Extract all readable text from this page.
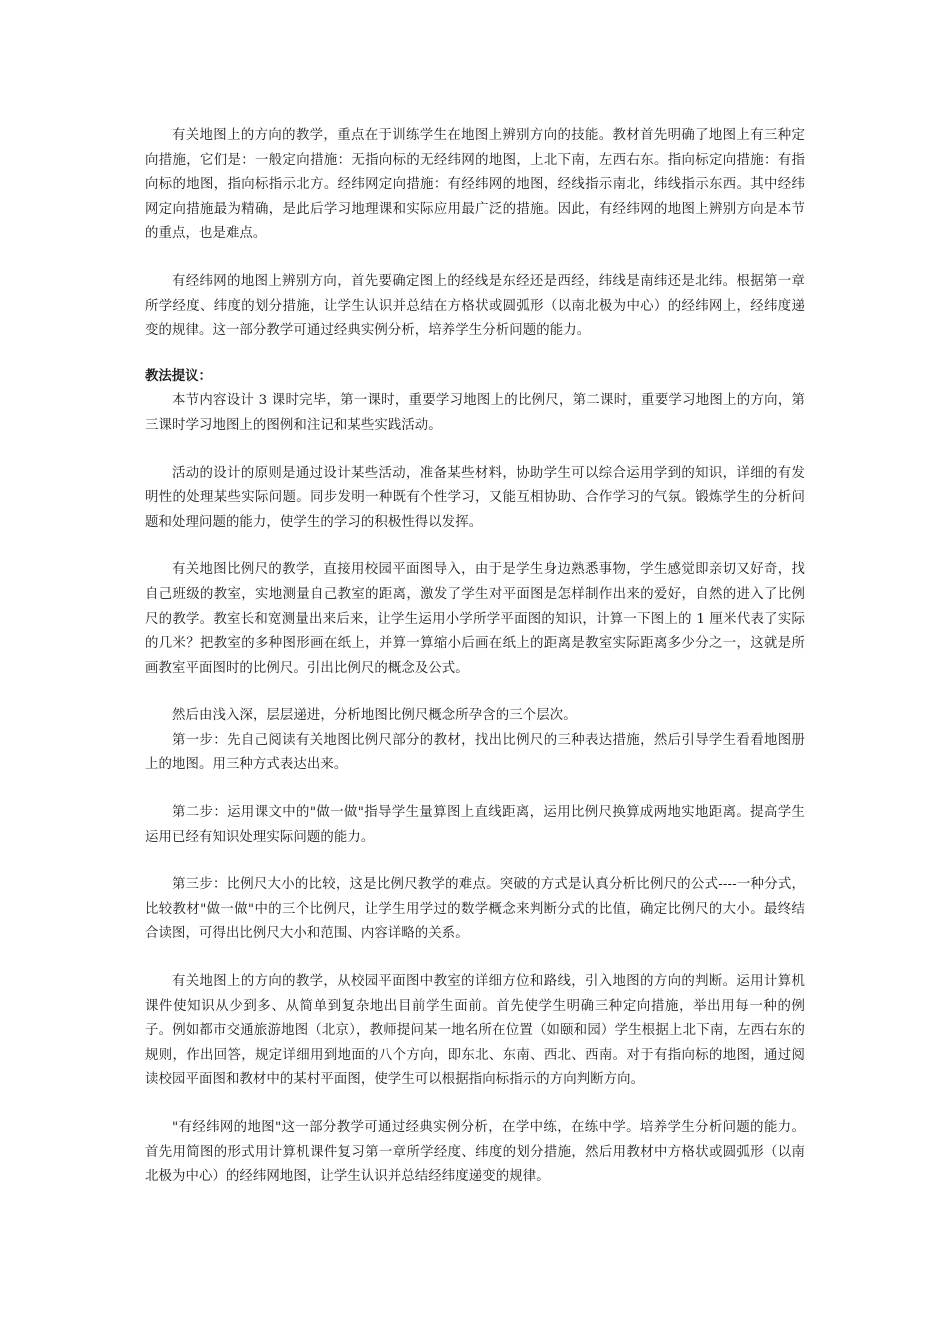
有关地图上的方向的教学，重点在于训练学生在地图上辨别方向的技能。教材首先明确了地图上有三种定向措施，它们是：一般定向措施：无指向标的无经纬网的地图，上北下南，左西右东。指向标定向措施：有指向标的地图，指向标指示北方。经纬网定向措施：有经纬网的地图，经线指示南北，纬线指示东西。其中经纬网定向措施最为精确，是此后学习地理课和实际应用最广泛的措施。因此，有经纬网的地图上辨别方向是本节的重点，也是难点。

有经纬网的地图上辨别方向，首先要确定图上的经线是东经还是西经，纬线是南纬还是北纬。根据第一章所学经度、纬度的划分措施，让学生认识并总结在方格状或圆弧形（以南北极为中心）的经纬网上，经纬度递变的规律。这一部分教学可通过经典实例分析，培养学生分析问题的能力。

教法提议：

本节内容设计 3 课时完毕，第一课时，重要学习地图上的比例尺，第二课时，重要学习地图上的方向，第三课时学习地图上的图例和注记和某些实践活动。

活动的设计的原则是通过设计某些活动，准备某些材料，协助学生可以综合运用学到的知识，详细的有发明性的处理某些实际问题。同步发明一种既有个性学习，又能互相协助、合作学习的气氛。锻炼学生的分析问题和处理问题的能力，使学生的学习的积极性得以发挥。

有关地图比例尺的教学，直接用校园平面图导入，由于是学生身边熟悉事物，学生感觉即亲切又好奇，找自己班级的教室，实地测量自己教室的距离，激发了学生对平面图是怎样制作出来的爱好，自然的进入了比例尺的教学。教室长和宽测量出来后来，让学生运用小学所学平面图的知识，计算一下图上的 1 厘米代表了实际的几米？把教室的多种图形画在纸上，并算一算缩小后画在纸上的距离是教室实际距离多少分之一，这就是所画教室平面图时的比例尺。引出比例尺的概念及公式。

然后由浅入深，层层递进，分析地图比例尺概念所孕含的三个层次。

第一步：先自己阅读有关地图比例尺部分的教材，找出比例尺的三种表达措施，然后引导学生看看地图册上的地图。用三种方式表达出来。

第二步：运用课文中的"做一做"指导学生量算图上直线距离，运用比例尺换算成两地实地距离。提高学生运用已经有知识处理实际问题的能力。

第三步：比例尺大小的比较，这是比例尺教学的难点。突破的方式是认真分析比例尺的公式----一种分式，比较教材"做一做"中的三个比例尺，让学生用学过的数学概念来判断分式的比值，确定比例尺的大小。最终结合读图，可得出比例尺大小和范围、内容详略的关系。

有关地图上的方向的教学，从校园平面图中教室的详细方位和路线，引入地图的方向的判断。运用计算机课件使知识从少到多、从简单到复杂地出目前学生面前。首先使学生明确三种定向措施，举出用每一种的例子。例如都市交通旅游地图（北京），教师提问某一地名所在位置（如颐和园）学生根据上北下南，左西右东的规则，作出回答，规定详细用到地面的八个方向，即东北、东南、西北、西南。对于有指向标的地图，通过阅读校园平面图和教材中的某村平面图，使学生可以根据指向标指示的方向判断方向。

"有经纬网的地图"这一部分教学可通过经典实例分析，在学中练，在练中学。培养学生分析问题的能力。首先用简图的形式用计算机课件复习第一章所学经度、纬度的划分措施，然后用教材中方格状或圆弧形（以南北极为中心）的经纬网地图，让学生认识并总结经纬度递变的规律。
